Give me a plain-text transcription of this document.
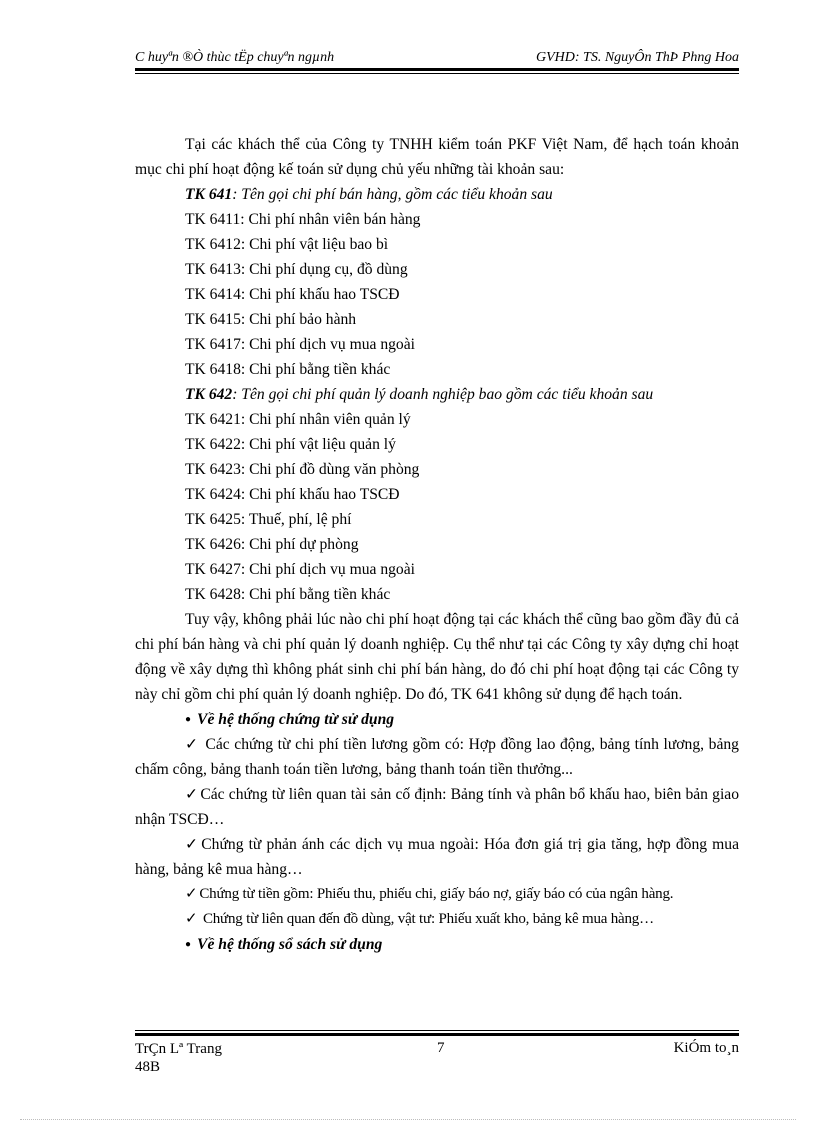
C huyªn ®Ò thùc tËp chuyªn ngµnh	GVHD: TS. NguyÔn ThÞ Phng Hoa

Tại các khách thể của Công ty TNHH kiểm toán PKF Việt Nam, để hạch toán khoản mục chi phí hoạt động kế toán sử dụng chủ yếu những tài khoản sau:

TK 641: Tên gọi chi phí bán hàng, gồm các tiểu khoản sau

TK 6411: Chi phí nhân viên bán hàng

TK 6412: Chi phí vật liệu bao bì

TK 6413: Chi phí dụng cụ, đồ dùng

TK 6414: Chi phí khấu hao TSCĐ

TK 6415: Chi phí bảo hành

TK 6417: Chi phí dịch vụ mua ngoài

TK 6418: Chi phí bằng tiền khác

TK 642: Tên gọi chi phí quản lý doanh nghiệp bao gồm các tiểu khoản sau

TK 6421: Chi phí nhân viên quản lý

TK 6422: Chi phí vật liệu quản lý

TK 6423: Chi phí đồ dùng văn phòng

TK 6424: Chi phí khấu hao TSCĐ

TK 6425: Thuế, phí, lệ phí

TK 6426: Chi phí dự phòng

TK 6427: Chi phí dịch vụ mua ngoài

TK 6428: Chi phí bằng tiền khác

Tuy vậy, không phải lúc nào chi phí hoạt động tại các khách thể cũng bao gồm đầy đủ cả chi phí bán hàng và chi phí quản lý doanh nghiệp. Cụ thể như tại các Công ty xây dựng chỉ hoạt động về xây dựng thì không phát sinh chi phí bán hàng, do đó chi phí hoạt động tại các Công ty này chỉ gồm chi phí quản lý doanh nghiệp. Do đó, TK 641 không sử dụng để hạch toán.

● Về hệ thống chứng từ sử dụng

✓ Các chứng từ chi phí tiền lương gồm có: Hợp đồng lao động, bảng tính lương, bảng chấm công, bảng thanh toán tiền lương, bảng thanh toán tiền thưởng...

✓ Các chứng từ liên quan tài sản cố định: Bảng tính và phân bổ khấu hao, biên bản giao nhận TSCĐ…

✓ Chứng từ phản ánh các dịch vụ mua ngoài: Hóa đơn giá trị gia tăng, hợp đồng mua hàng, bảng kê mua hàng…

✓ Chứng từ tiền gồm: Phiếu thu, phiếu chi, giấy báo nợ, giấy báo có của ngân hàng.

✓ Chứng từ liên quan đến đồ dùng, vật tư: Phiếu xuất kho, bảng kê mua hàng…

● Về hệ thống sổ sách sử dụng

TrÇn Lª Trang
48B
7	KiÓm to¸n
